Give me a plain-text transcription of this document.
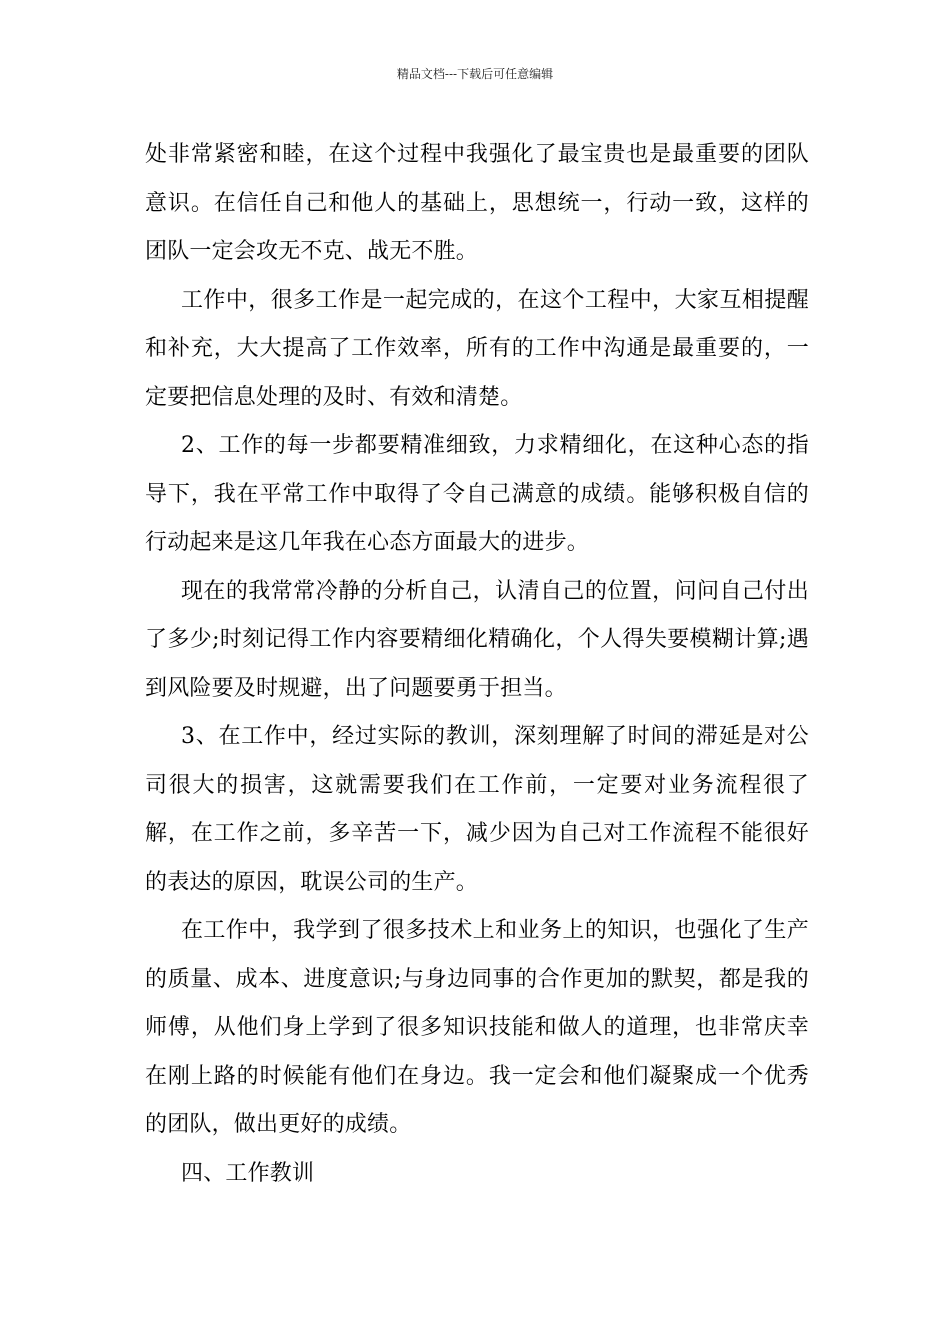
精品文档---下载后可任意编辑

处非常紧密和睦，在这个过程中我强化了最宝贵也是最重要的团队意识。在信任自己和他人的基础上，思想统一，行动一致，这样的团队一定会攻无不克、战无不胜。

工作中，很多工作是一起完成的，在这个工程中，大家互相提醒和补充，大大提高了工作效率，所有的工作中沟通是最重要的，一定要把信息处理的及时、有效和清楚。

2、工作的每一步都要精准细致，力求精细化，在这种心态的指导下，我在平常工作中取得了令自己满意的成绩。能够积极自信的行动起来是这几年我在心态方面最大的进步。

现在的我常常冷静的分析自己，认清自己的位置，问问自己付出了多少;时刻记得工作内容要精细化精确化，个人得失要模糊计算;遇到风险要及时规避，出了问题要勇于担当。

3、在工作中，经过实际的教训，深刻理解了时间的滞延是对公司很大的损害，这就需要我们在工作前，一定要对业务流程很了解，在工作之前，多辛苦一下，减少因为自己对工作流程不能很好的表达的原因，耽误公司的生产。

在工作中，我学到了很多技术上和业务上的知识，也强化了生产的质量、成本、进度意识;与身边同事的合作更加的默契，都是我的师傅，从他们身上学到了很多知识技能和做人的道理，也非常庆幸在刚上路的时候能有他们在身边。我一定会和他们凝聚成一个优秀的团队，做出更好的成绩。

四、工作教训
